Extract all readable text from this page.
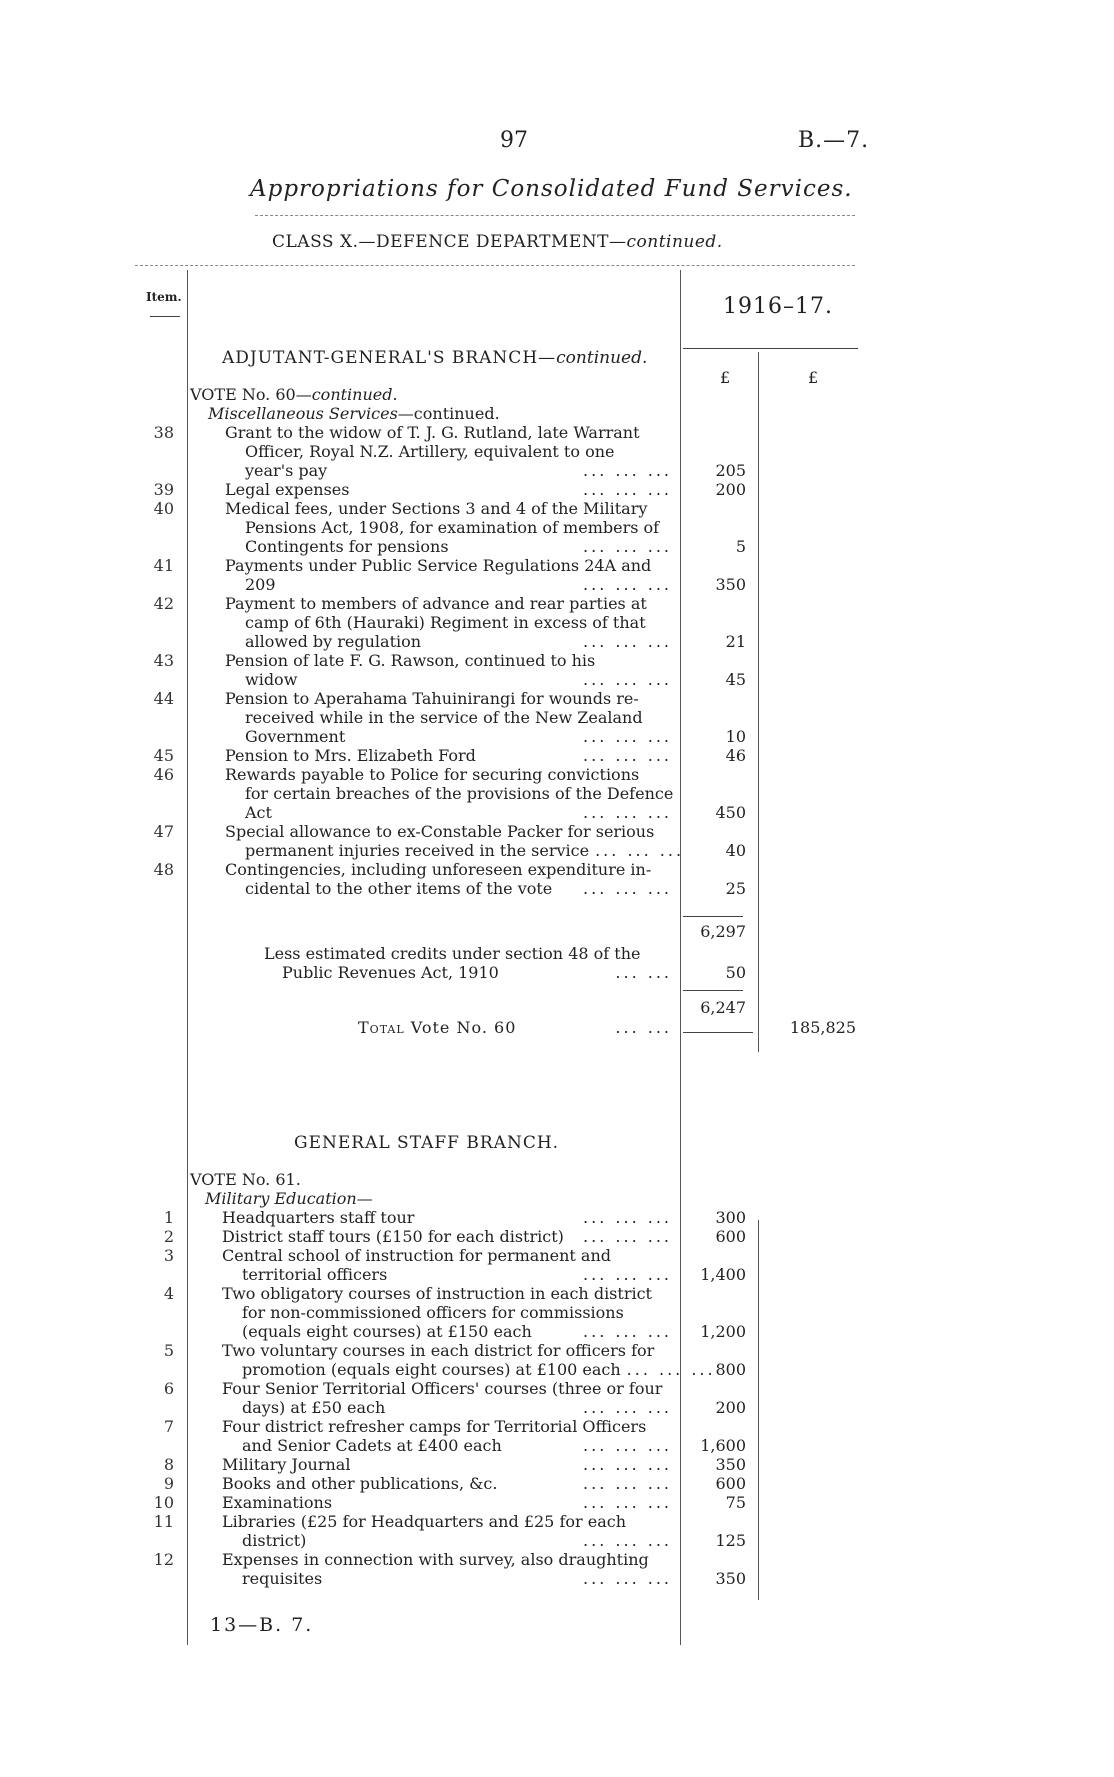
97	B.—7.
Appropriations for Consolidated Fund Services.
CLASS X.—DEFENCE DEPARTMENT—continued.
Item.	1916–17.
£	£
ADJUTANT-GENERAL'S BRANCH—continued.
VOTE No. 60—continued.
Miscellaneous Services—continued.
38	Grant to the widow of T. J. G. Rutland, late Warrant
Officer, Royal N.Z. Artillery, equivalent to one
year's pay	... ... ...	205
39	Legal expenses	... ... ...	200
40	Medical fees, under Sections 3 and 4 of the Military
Pensions Act, 1908, for examination of members of
Contingents for pensions	... ... ...	5
41	Payments under Public Service Regulations 24A and
209	... ... ...	350
42	Payment to members of advance and rear parties at
camp of 6th (Hauraki) Regiment in excess of that
allowed by regulation	... ... ...	21
43	Pension of late F. G. Rawson, continued to his
widow	... ... ...	45
44	Pension to Aperahama Tahuinirangi for wounds re-
received while in the service of the New Zealand
Government	... ... ...	10
45	Pension to Mrs. Elizabeth Ford	... ... ...	46
46	Rewards payable to Police for securing convictions
for certain breaches of the provisions of the Defence
Act	... ... ...	450
47	Special allowance to ex-Constable Packer for serious
permanent injuries received in the service ... ... ...	40
48	Contingencies, including unforeseen expenditure in-
cidental to the other items of the vote	... ... ...	25
6,297
Less estimated credits under section 48 of the
Public Revenues Act, 1910	... ...	50
6,247
Total
Vote No. 60	... ...	185,825
GENERAL STAFF BRANCH.
VOTE No. 61.
Military Education—
1	Headquarters staff tour	... ... ...	300
2	District staff tours (£150 for each district)	... ... ...	600
3	Central school of instruction for permanent and
territorial officers	... ... ...	1,400
4	Two obligatory courses of instruction in each district
for non-commissioned officers for commissions
(equals eight courses) at £150 each	... ... ...	1,200
5	Two voluntary courses in each district for officers for
promotion (equals eight courses) at £100 each ... ... ... 800
6	Four Senior Territorial Officers' courses (three or four
days) at £50 each	... ... ...	200
7	Four district refresher camps for Territorial Officers
and Senior Cadets at £400 each	... ... ...	1,600
8	Military Journal	... ... ...	350
9	Books and other publications, &c.	... ... ...	600
10	Examinations	... ... ...	75
11	Libraries (£25 for Headquarters and £25 for each
district)	... ... ...	125
12	Expenses in connection with survey, also draughting
requisites	... ... ...	350
13—B. 7.
